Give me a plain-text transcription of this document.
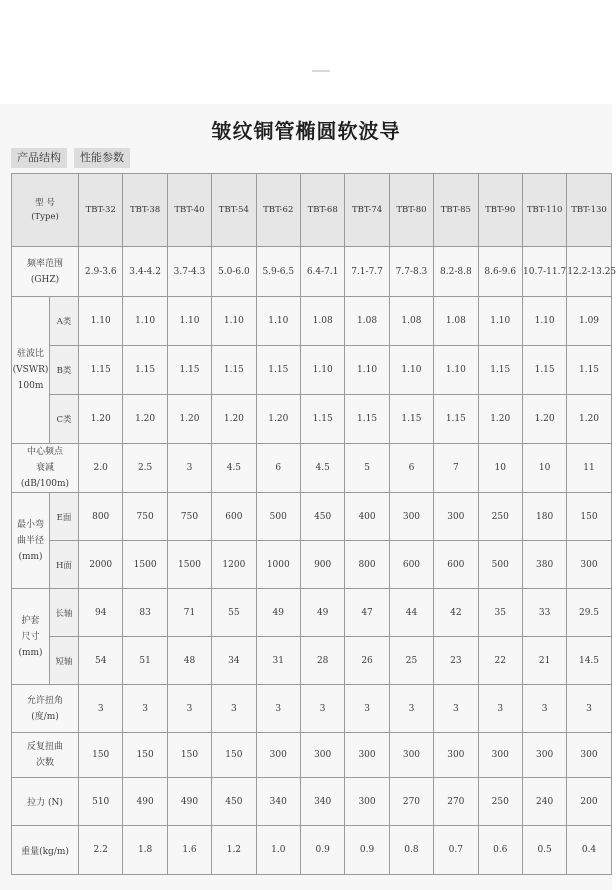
皱纹铜管椭圆软波导
产品结构	性能参数
型 号
(Type)		TBT-32	TBT-38	TBT-40	TBT-54	TBT-62	TBT-68	TBT-74	TBT-80	TBT-85	TBT-90	TBT-110	TBT-130

频率范围
(GHZ)		2.9-3.6	3.4-4.2	3.7-4.3	5.0-6.0	5.9-6.5	6.4-7.1	7.1-7.7	7.7-8.3	8.2-8.8	8.6-9.6	10.7-11.7	12.2-13.25

驻波比
(VSWR)
100m	A类	1.10	1.10	1.10	1.10	1.10	1.08	1.08	1.08	1.08	1.10	1.10	1.09
	B类	1.15	1.15	1.15	1.15	1.15	1.10	1.10	1.10	1.10	1.15	1.15	1.15
	C类	1.20	1.20	1.20	1.20	1.20	1.15	1.15	1.15	1.15	1.20	1.20	1.20

中心频点
衰减
(dB/100m)		2.0	2.5	3	4.5	6	4.5	5	6	7	10	10	11

最小弯
曲半径
(mm)	E面	800	750	750	600	500	450	400	300	300	250	180	150
	H面	2000	1500	1500	1200	1000	900	800	600	600	500	380	300

护套
尺寸
(mm)	长轴	94	83	71	55	49	49	47	44	42	35	33	29.5
	短轴	54	51	48	34	31	28	26	25	23	22	21	14.5

允许扭角
(度/m)		3	3	3	3	3	3	3	3	3	3	3	3

反复扭曲
次数		150	150	150	150	300	300	300	300	300	300	300	300
拉力 (N)		510	490	490	450	340	340	300	270	270	250	240	200
重量(kg/m)		2.2	1.8	1.6	1.2	1.0	0.9	0.9	0.8	0.7	0.6	0.5	0.4
